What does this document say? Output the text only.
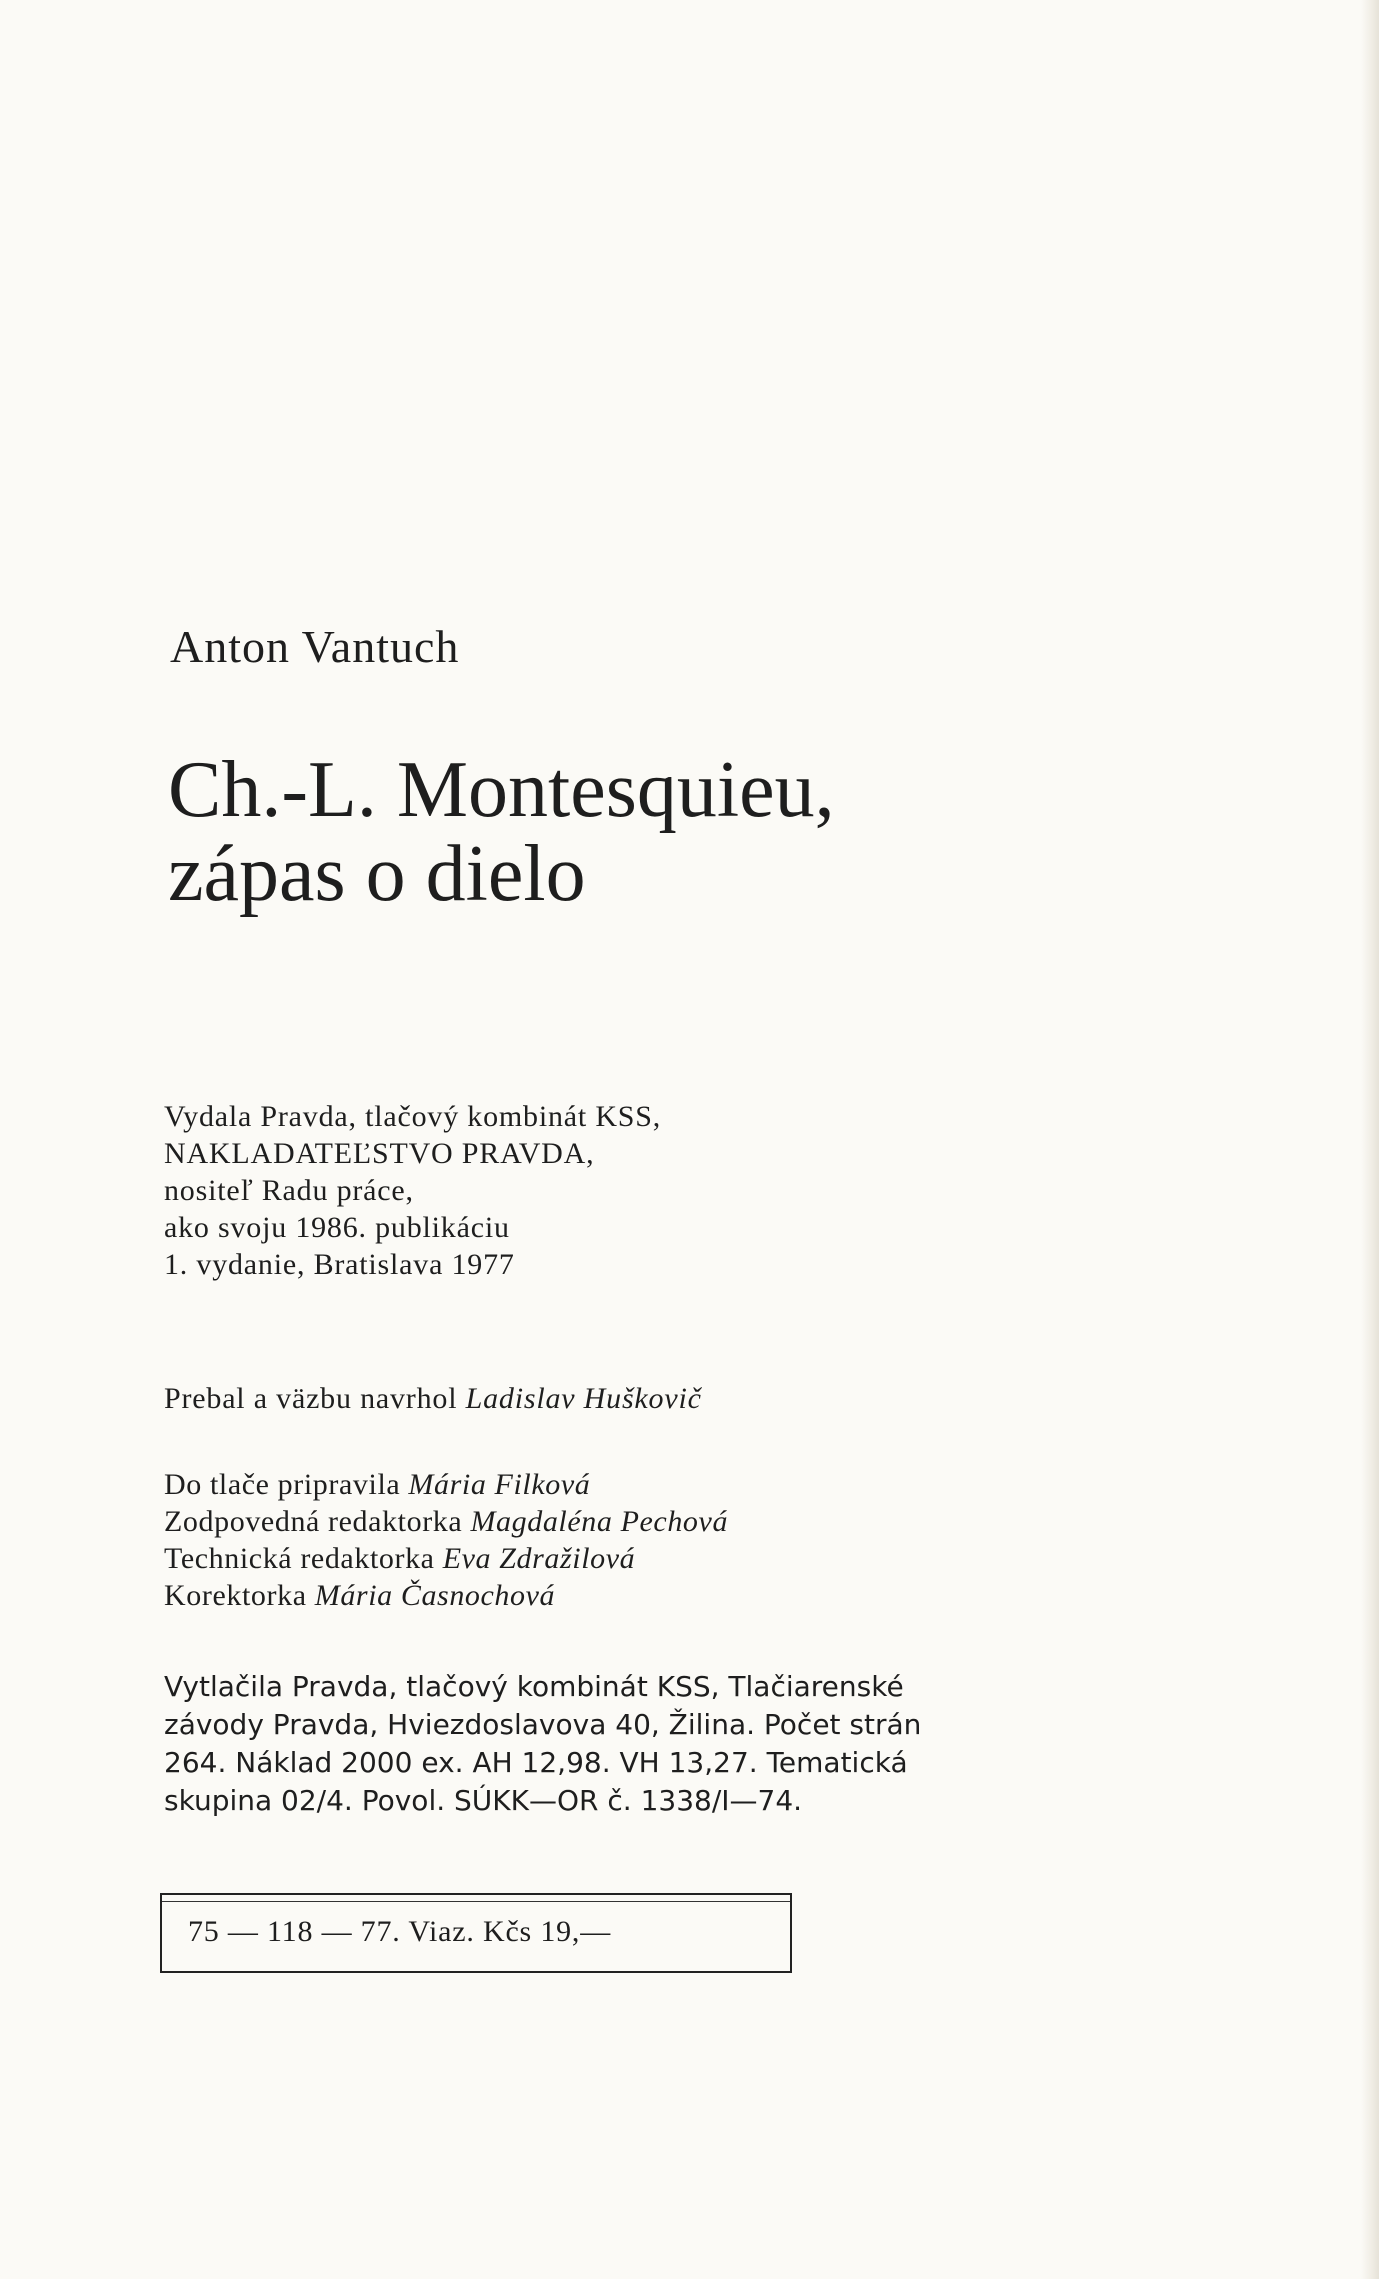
Anton Vantuch
Ch.-L. Montesquieu,
zápas o dielo

Vydala Pravda, tlačový kombinát KSS,
NAKLADATEĽSTVO PRAVDA,
nositeľ Radu práce,
ako svoju 1986. publikáciu
1. vydanie, Bratislava 1977

Prebal a väzbu navrhol Ladislav Huškovič

Do tlače pripravila Mária Filková
Zodpovedná redaktorka Magdaléna Pechová
Technická redaktorka Eva Zdražilová
Korektorka Mária Časnochová

Vytlačila Pravda, tlačový kombinát KSS, Tlačiarenské
závody Pravda, Hviezdoslavova 40, Žilina. Počet strán
264. Náklad 2000 ex. AH 12,98. VH 13,27. Tematická
skupina 02/4. Povol. SÚKK—OR č. 1338/I—74.

75 — 118 — 77. Viaz. Kčs 19,—
